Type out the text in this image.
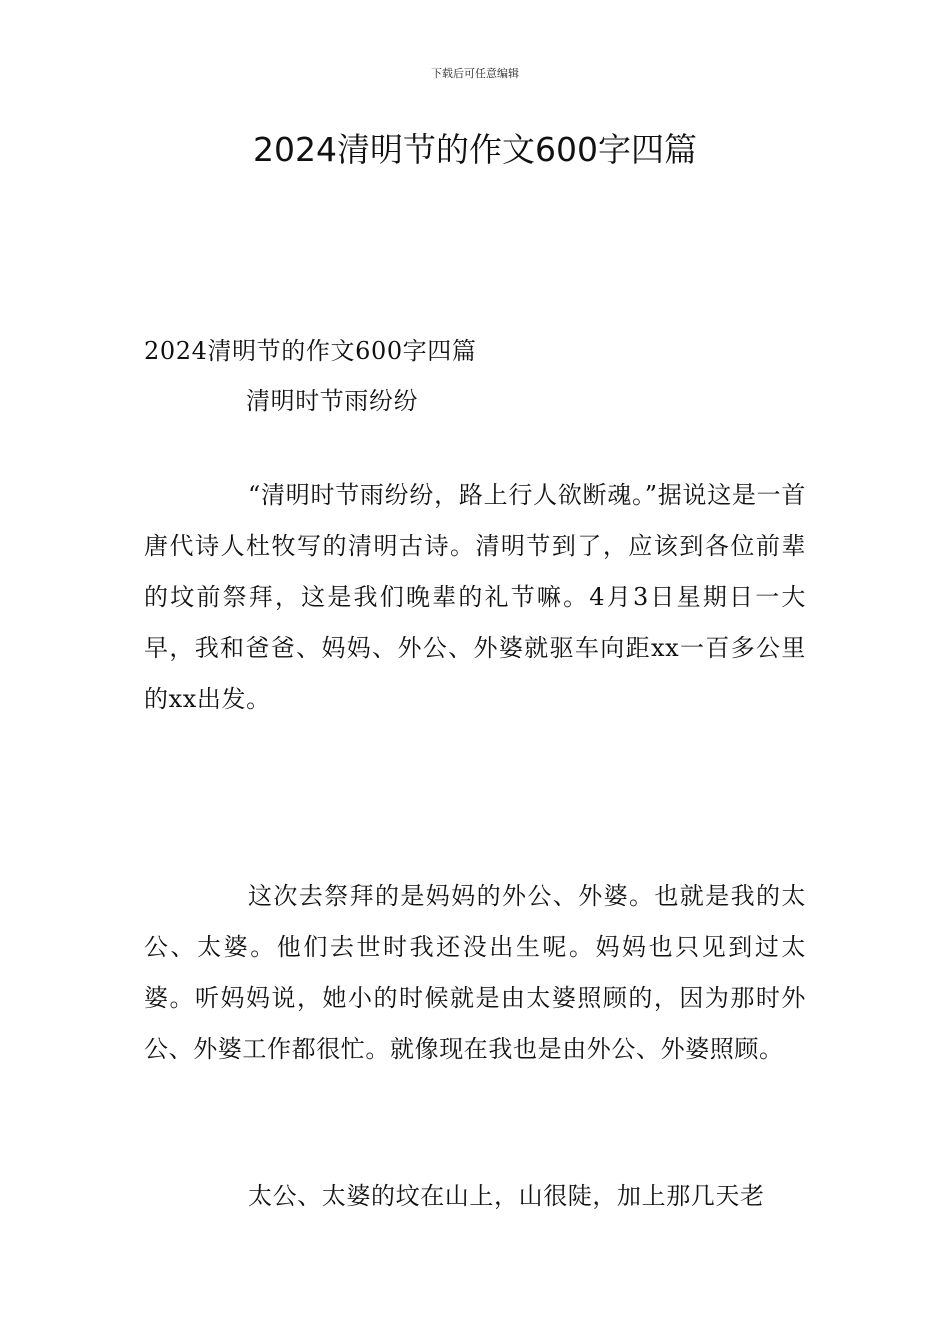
下载后可任意编辑
2024清明节的作文600字四篇

2024清明节的作文600字四篇

清明时节雨纷纷

“清明时节雨纷纷，路上行人欲断魂。”据说这是一首唐代诗人杜牧写的清明古诗。清明节到了，应该到各位前辈的坟前祭拜，这是我们晚辈的礼节嘛。4月3日星期日一大早，我和爸爸、妈妈、外公、外婆就驱车向距xx一百多公里的xx出发。

这次去祭拜的是妈妈的外公、外婆。也就是我的太公、太婆。他们去世时我还没出生呢。妈妈也只见到过太婆。听妈妈说，她小的时候就是由太婆照顾的，因为那时外公、外婆工作都很忙。就像现在我也是由外公、外婆照顾。

太公、太婆的坟在山上，山很陡，加上那几天老
